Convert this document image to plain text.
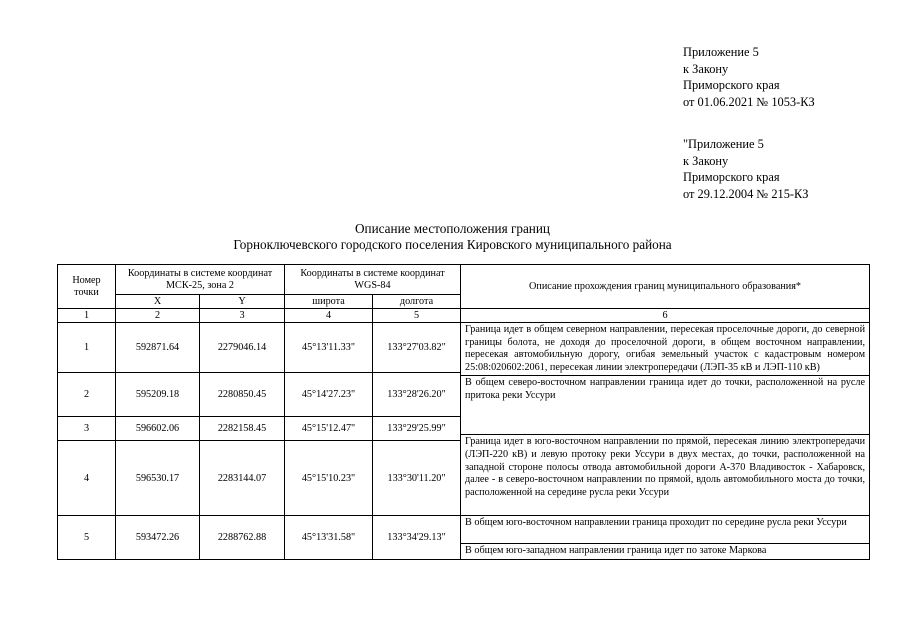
Приложение 5
к Закону
Приморского края
от 01.06.2021 № 1053-КЗ
"Приложение 5
к Закону
Приморского края
от 29.12.2004 № 215-КЗ
Описание местоположения границ
Горноключевского городского поселения Кировского муниципального района
Номер точки	Координаты в системе координат МСК-25, зона 2		Координаты в системе координат WGS-84		Описание прохождения границ муниципального образования*
	X	Y	широта	долгота	
1	2	3	4	5	6
1	592871.64	2279046.14	45°13'11.33"	133°27'03.82"	Граница идет в общем северном направлении, пересекая проселочные дороги, до северной границы болота, не доходя до проселочной дороги, в общем восточном направлении, пересекая автомобильную дорогу, огибая земельный участок с кадастровым номером 25:08:020602:2061, пересекая линии электропередачи (ЛЭП-35 кВ и ЛЭП-110 кВ)

2	595209.18	2280850.45	45°14'27.23"	133°28'26.20"	
					В общем северо-восточном направлении граница идет до точки, расположенной на русле притока реки Уссури

3	596602.06	2282158.45	45°15'12.47"	133°29'25.99"	
					Граница идет в юго-восточном направлении по прямой, пересекая линию электропередачи (ЛЭП-220 кВ) и левую протоку реки Уссури в двух местах, до точки, расположенной на западной стороне полосы отвода автомобильной дороги А-370 Владивосток - Хабаровск, далее - в северо-восточном направлении по прямой, вдоль автомобильного моста до точки, расположенной на середине русла реки Уссури
4	596530.17	2283144.07	45°15'10.23"	133°30'11.20"	

5	593472.26	2288762.88	45°13'31.58"	133°34'29.13"	В общем юго-восточном направлении граница проходит по середине русла реки Уссури

					В общем юго-западном направлении граница идет по затоке Маркова
